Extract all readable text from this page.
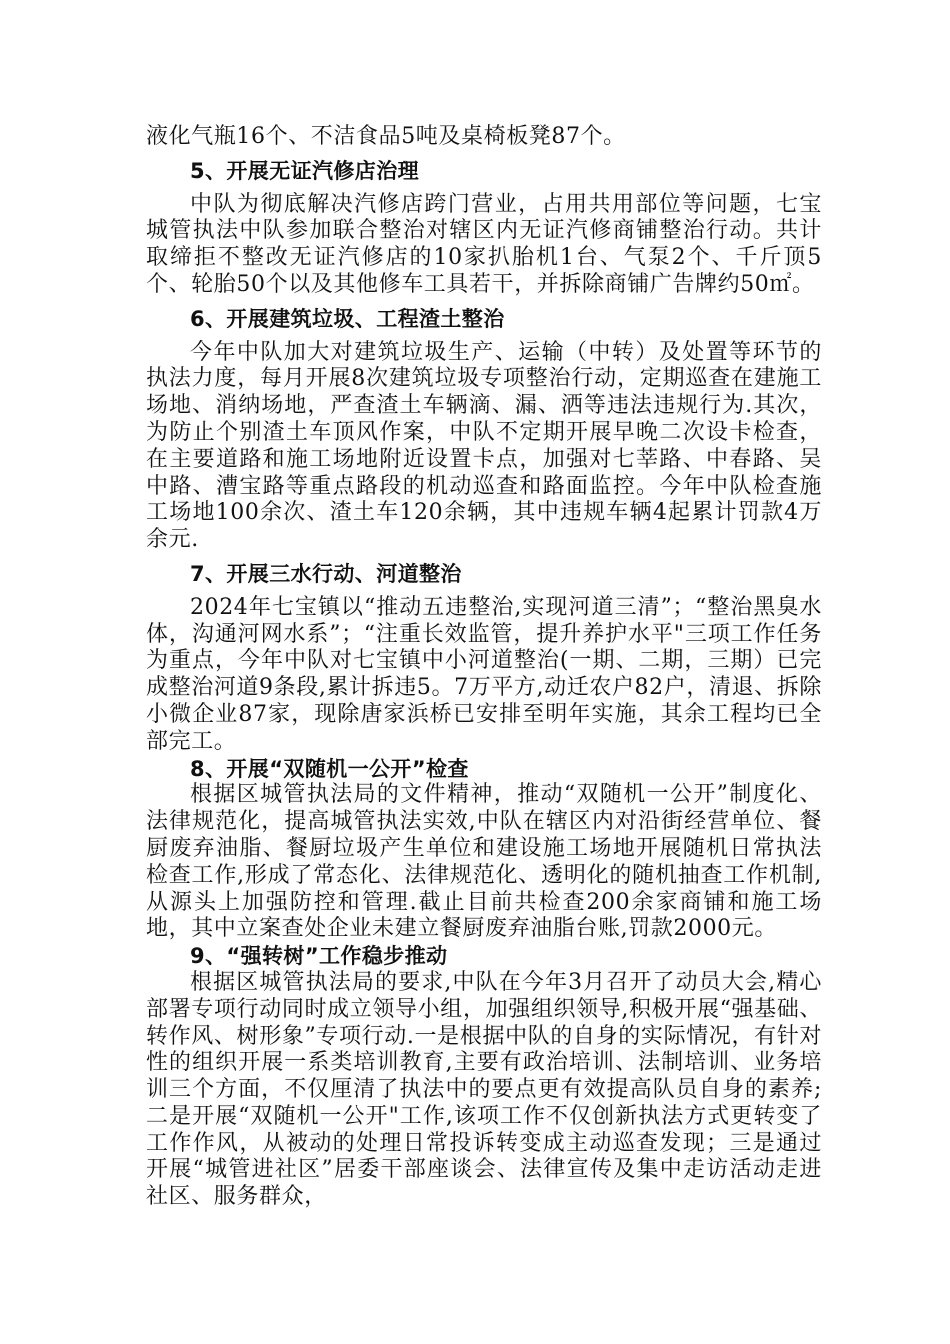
液化气瓶16个、不洁食品5吨及桌椅板凳87个。

5、开展无证汽修店治理

中队为彻底解决汽修店跨门营业，占用共用部位等问题，七宝城管执法中队参加联合整治对辖区内无证汽修商铺整治行动。共计取缔拒不整改无证汽修店的10家扒胎机1台、气泵2个、千斤顶5个、轮胎50个以及其他修车工具若干，并拆除商铺广告牌约50㎡。

6、开展建筑垃圾、工程渣土整治

今年中队加大对建筑垃圾生产、运输（中转）及处置等环节的执法力度，每月开展8次建筑垃圾专项整治行动，定期巡查在建施工场地、消纳场地，严查渣土车辆滴、漏、洒等违法违规行为.其次，为防止个别渣土车顶风作案，中队不定期开展早晚二次设卡检查，在主要道路和施工场地附近设置卡点，加强对七莘路、中春路、吴中路、漕宝路等重点路段的机动巡查和路面监控。今年中队检查施工场地100余次、渣土车120余辆，其中违规车辆4起累计罚款4万余元.

7、开展三水行动、河道整治

2024年七宝镇以“推动五违整治,实现河道三清”；“整治黑臭水体，沟通河网水系”；“注重长效监管，提升养护水平"三项工作任务为重点，今年中队对七宝镇中小河道整治(一期、二期，三期）已完成整治河道9条段,累计拆违5。7万平方,动迁农户82户，清退、拆除小微企业87家，现除唐家浜桥已安排至明年实施，其余工程均已全部完工。

8、开展“双随机一公开”检查

根据区城管执法局的文件精神，推动“双随机一公开”制度化、法律规范化，提高城管执法实效,中队在辖区内对沿街经营单位、餐厨废弃油脂、餐厨垃圾产生单位和建设施工场地开展随机日常执法检查工作,形成了常态化、法律规范化、透明化的随机抽查工作机制,从源头上加强防控和管理.截止目前共检查200余家商铺和施工场地，其中立案查处企业未建立餐厨废弃油脂台账,罚款2000元。

9、“强转树”工作稳步推动

根据区城管执法局的要求,中队在今年3月召开了动员大会,精心部署专项行动同时成立领导小组，加强组织领导,积极开展“强基础、转作风、树形象”专项行动.一是根据中队的自身的实际情况，有针对性的组织开展一系类培训教育,主要有政治培训、法制培训、业务培训三个方面，不仅厘清了执法中的要点更有效提高队员自身的素养;二是开展“双随机一公开"工作,该项工作不仅创新执法方式更转变了工作作风，从被动的处理日常投诉转变成主动巡查发现；三是通过开展“城管进社区”居委干部座谈会、法律宣传及集中走访活动走进社区、服务群众，
